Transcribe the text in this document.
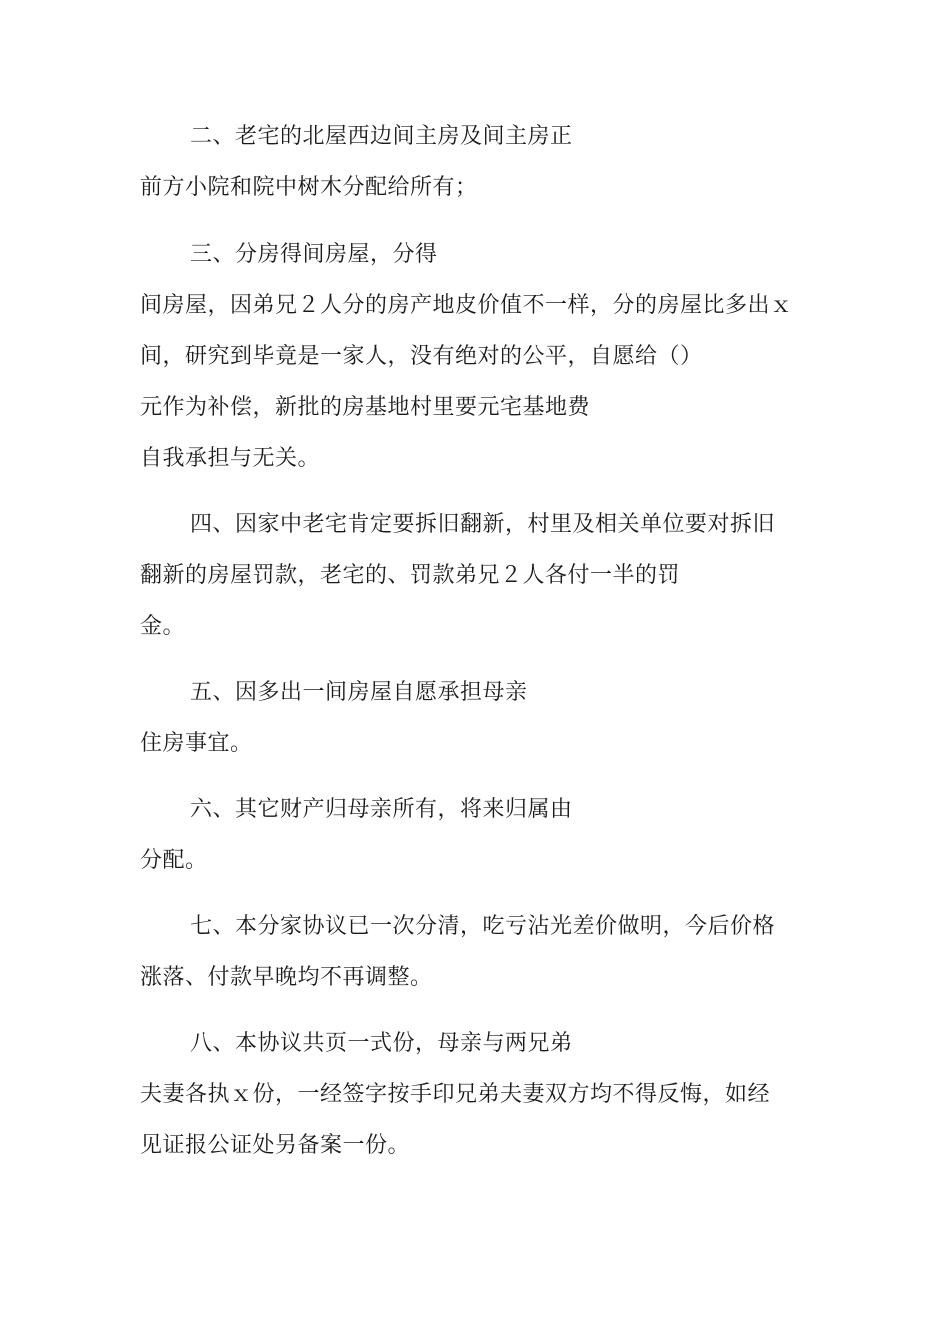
二、老宅的北屋西边间主房及间主房正
前方小院和院中树木分配给所有；
三、分房得间房屋，分得
间房屋，因弟兄２人分的房产地皮价值不一样，分的房屋比多出ｘ
间，研究到毕竟是一家人，没有绝对的公平，自愿给（）
元作为补偿，新批的房基地村里要元宅基地费
自我承担与无关。
四、因家中老宅肯定要拆旧翻新，村里及相关单位要对拆旧
翻新的房屋罚款，老宅的、罚款弟兄２人各付一半的罚
金。
五、因多出一间房屋自愿承担母亲
住房事宜。
六、其它财产归母亲所有，将来归属由
分配。
七、本分家协议已一次分清，吃亏沾光差价做明，今后价格
涨落、付款早晚均不再调整。
八、本协议共页一式份，母亲与两兄弟
夫妻各执ｘ份，一经签字按手印兄弟夫妻双方均不得反悔，如经
见证报公证处另备案一份。
